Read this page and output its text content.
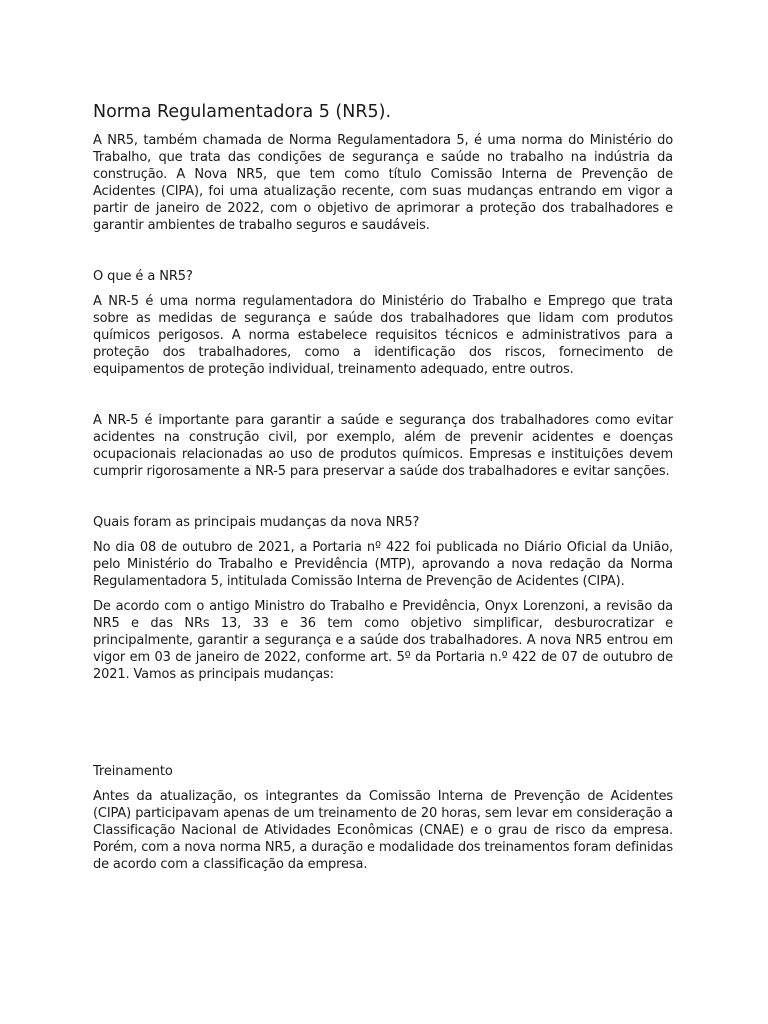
Norma Regulamentadora 5 (NR5).

A NR5, também chamada de Norma Regulamentadora 5, é uma norma do Ministério do Trabalho, que trata das condições de segurança e saúde no trabalho na indústria da construção. A Nova NR5, que tem como título Comissão Interna de Prevenção de Acidentes (CIPA), foi uma atualização recente, com suas mudanças entrando em vigor a partir de janeiro de 2022, com o objetivo de aprimorar a proteção dos trabalhadores e garantir ambientes de trabalho seguros e saudáveis.

O que é a NR5?

A NR-5 é uma norma regulamentadora do Ministério do Trabalho e Emprego que trata sobre as medidas de segurança e saúde dos trabalhadores que lidam com produtos químicos perigosos. A norma estabelece requisitos técnicos e administrativos para a proteção dos trabalhadores, como a identificação dos riscos, fornecimento de equipamentos de proteção individual, treinamento adequado, entre outros.

A NR-5 é importante para garantir a saúde e segurança dos trabalhadores como evitar acidentes na construção civil, por exemplo, além de prevenir acidentes e doenças ocupacionais relacionadas ao uso de produtos químicos. Empresas e instituições devem cumprir rigorosamente a NR-5 para preservar a saúde dos trabalhadores e evitar sanções.

Quais foram as principais mudanças da nova NR5?

No dia 08 de outubro de 2021, a Portaria nº 422 foi publicada no Diário Oficial da União, pelo Ministério do Trabalho e Previdência (MTP), aprovando a nova redação da Norma Regulamentadora 5, intitulada Comissão Interna de Prevenção de Acidentes (CIPA).

De acordo com o antigo Ministro do Trabalho e Previdência, Onyx Lorenzoni, a revisão da NR5 e das NRs 13, 33 e 36 tem como objetivo simplificar, desburocratizar e principalmente, garantir a segurança e a saúde dos trabalhadores. A nova NR5 entrou em vigor em 03 de janeiro de 2022, conforme art. 5º da Portaria n.º 422 de 07 de outubro de 2021. Vamos as principais mudanças:

Treinamento

Antes da atualização, os integrantes da Comissão Interna de Prevenção de Acidentes (CIPA) participavam apenas de um treinamento de 20 horas, sem levar em consideração a Classificação Nacional de Atividades Econômicas (CNAE) e o grau de risco da empresa. Porém, com a nova norma NR5, a duração e modalidade dos treinamentos foram definidas de acordo com a classificação da empresa.
